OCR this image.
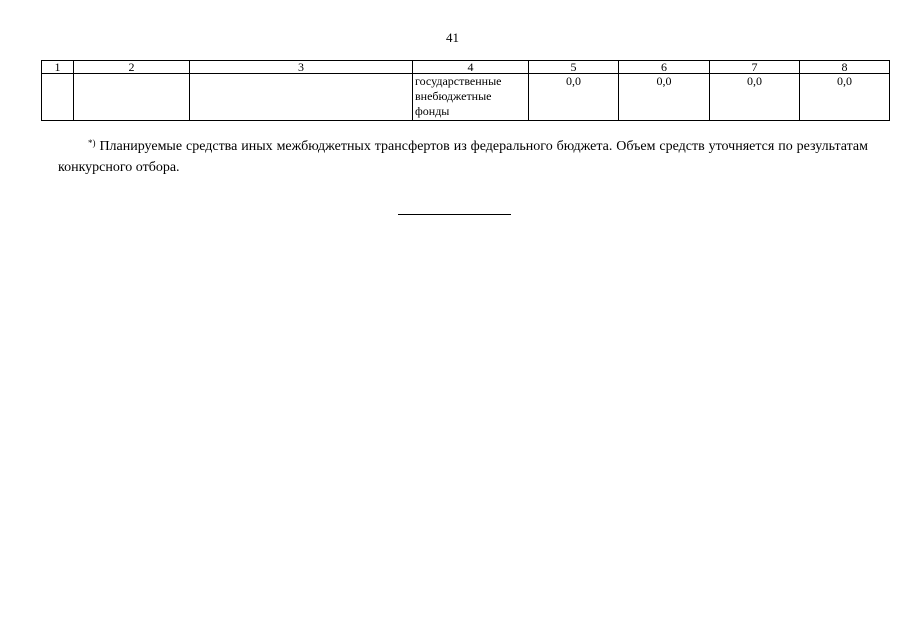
41
1	2	3	4	5	6	7	8

			государственные
внебюджетные
фонды	0,0	0,0	0,0	0,0
*) Планируемые средства иных межбюджетных трансфертов из федерального бюджета. Объем средств уточняется по результатам конкурсного отбора.
